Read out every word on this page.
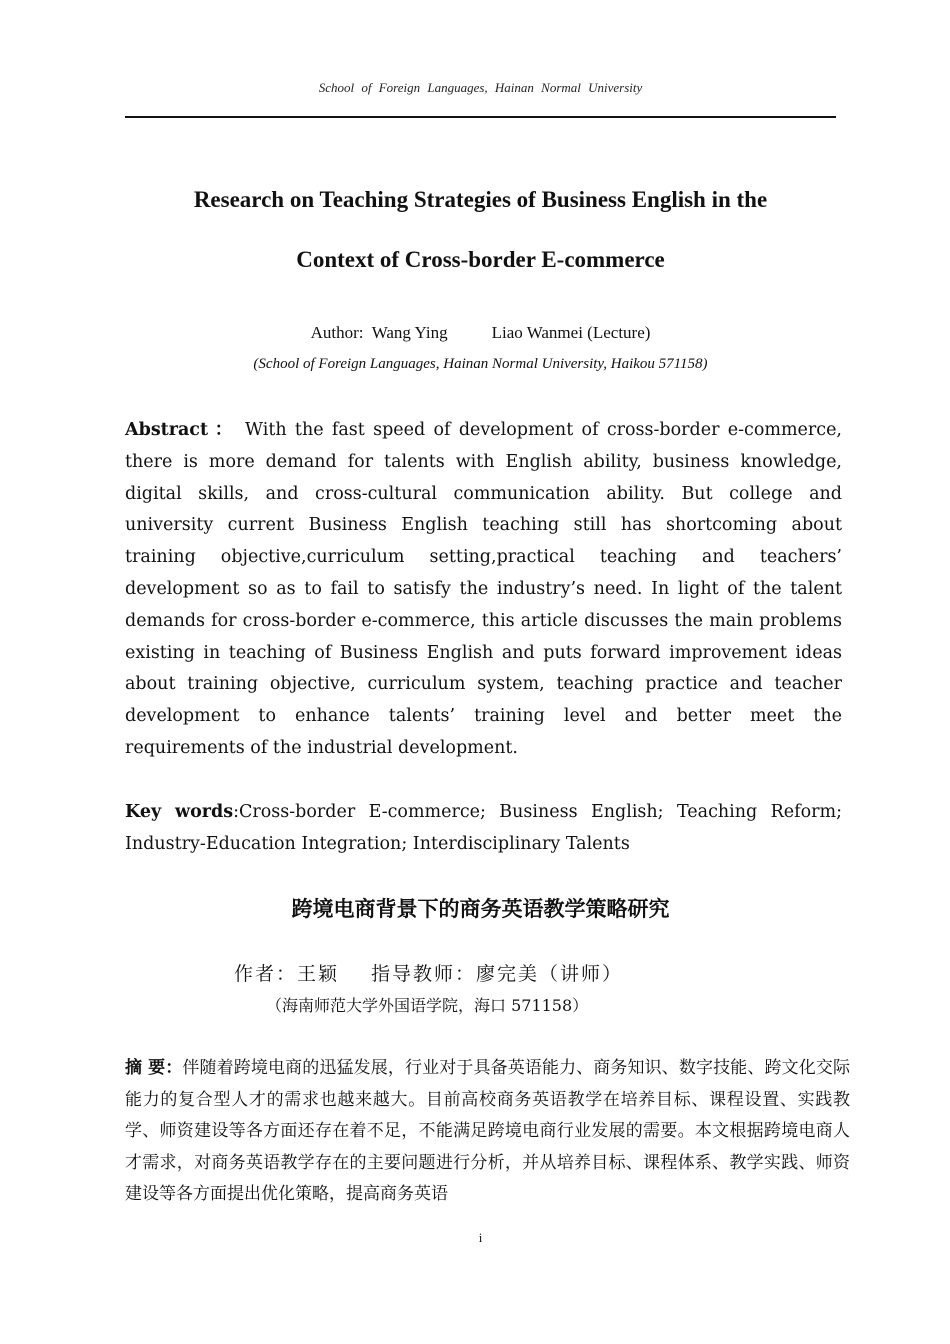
School of Foreign Languages, Hainan Normal University
Research on Teaching Strategies of Business English in the
Context of Cross-border E-commerce
Author: Wang Ying	Liao Wanmei (Lecture)
(School of Foreign Languages, Hainan Normal University, Haikou 571158)

Abstract ： With the fast speed of development of cross-border e-commerce, there is more demand for talents with English ability, business knowledge, digital skills, and cross-cultural communication ability. But college and university current Business English teaching still has shortcoming about training objective,curriculum setting,practical teaching and teachers’ development so as to fail to satisfy the industry’s need. In light of the talent demands for cross-border e-commerce, this article discusses the main problems existing in teaching of Business English and puts forward improvement ideas about training objective, curriculum system, teaching practice and teacher development to enhance talents’ training level and better meet the requirements of the industrial development.

Key words:Cross-border E-commerce; Business English; Teaching Reform; Industry-Education Integration; Interdisciplinary Talents

跨境电商背景下的商务英语教学策略研究
作者：王颖 指导教师：廖完美（讲师）
（海南师范大学外国语学院，海口 571158）

摘 要：伴随着跨境电商的迅猛发展，行业对于具备英语能力、商务知识、数字技能、跨文化交际能力的复合型人才的需求也越来越大。目前高校商务英语教学在培养目标、课程设置、实践教学、师资建设等各方面还存在着不足，不能满足跨境电商行业发展的需要。本文根据跨境电商人才需求，对商务英语教学存在的主要问题进行分析，并从培养目标、课程体系、教学实践、师资建设等各方面提出优化策略，提高商务英语

i
